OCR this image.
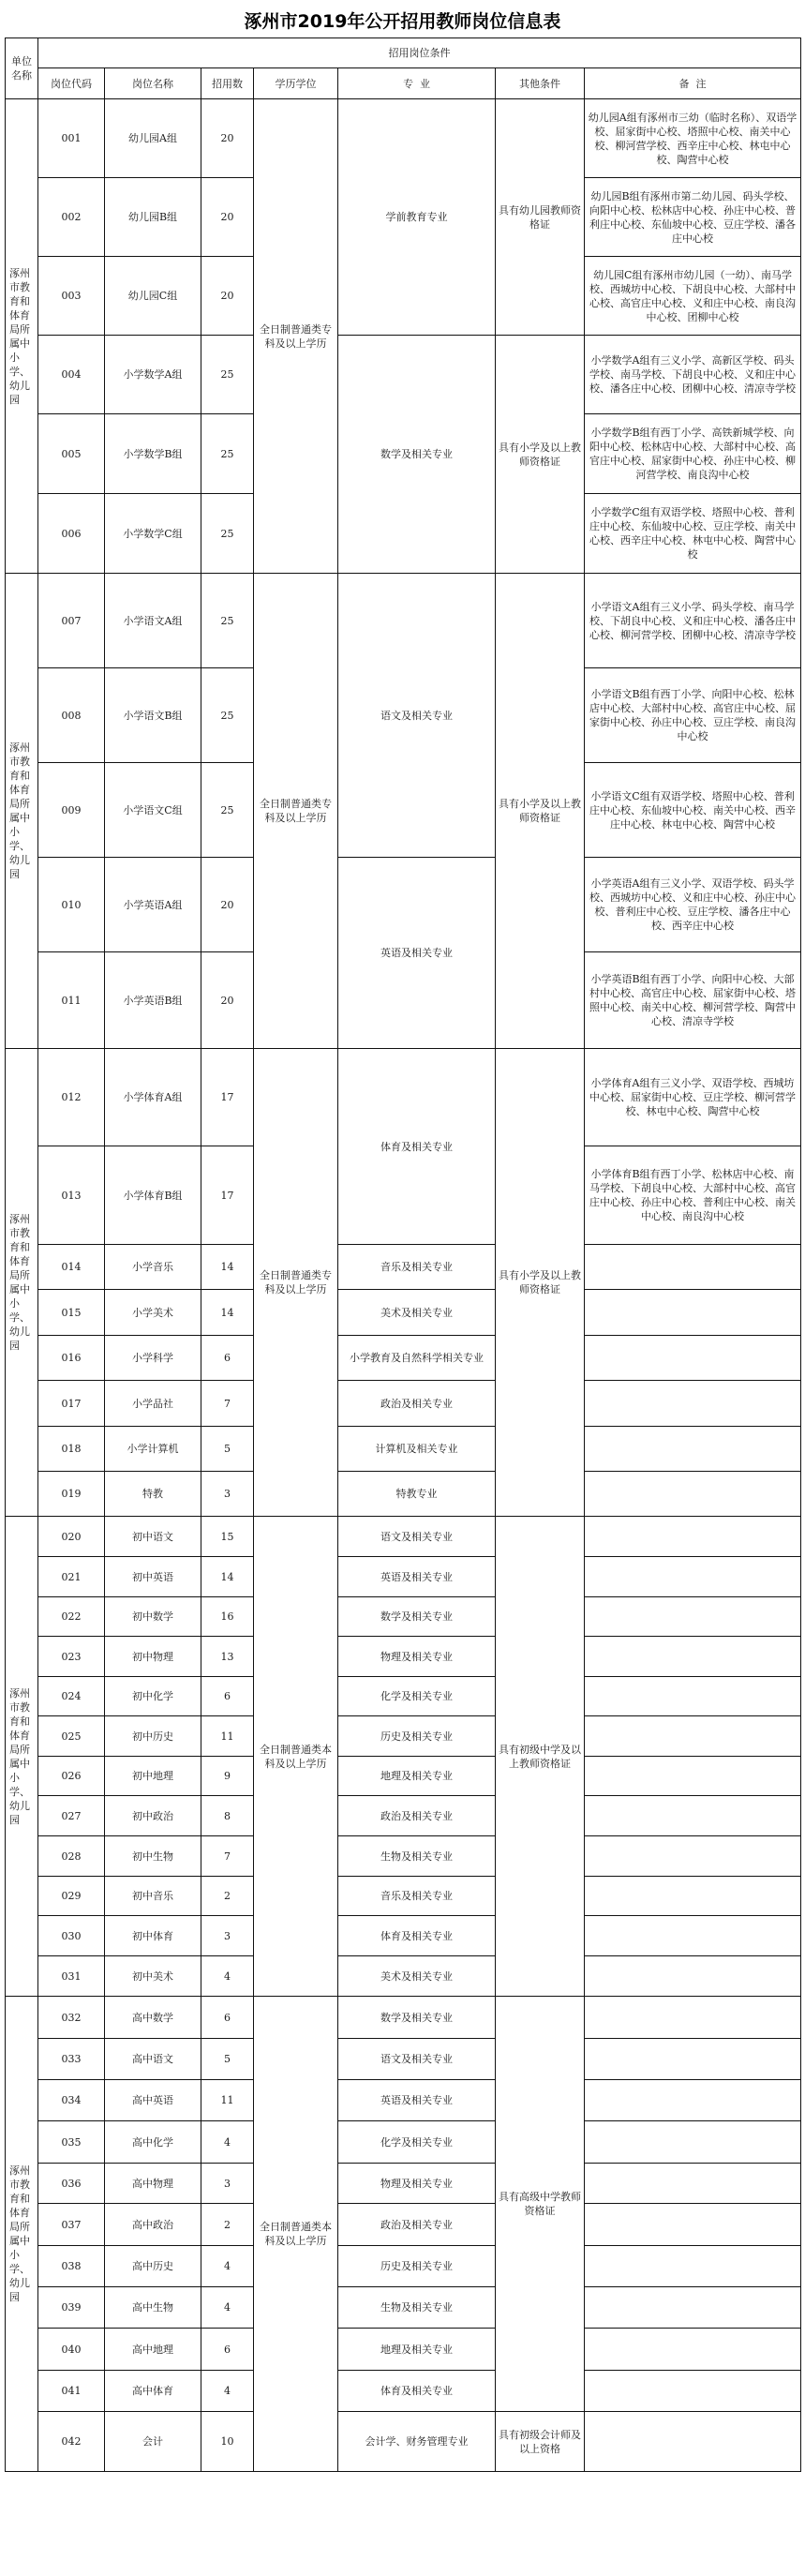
涿州市2019年公开招用教师岗位信息表
单位名称	招用岗位条件						
	岗位代码	岗位名称	招用数	学历学位	专  业	其他条件	备  注
涿州市教育和体育局所属中小学、幼儿园	001	幼儿园A组	20	全日制普通类专科及以上学历	学前教育专业	具有幼儿园教师资格证	幼儿园A组有涿州市三幼（临时名称）、双语学校、屈家街中心校、塔照中心校、南关中心校、柳河营学校、西辛庄中心校、林屯中心校、陶营中心校
	002	幼儿园B组	20				幼儿园B组有涿州市第二幼儿园、码头学校、向阳中心校、松林店中心校、孙庄中心校、普利庄中心校、东仙坡中心校、豆庄学校、潘各庄中心校
	003	幼儿园C组	20				幼儿园C组有涿州市幼儿园（一幼）、南马学校、西城坊中心校、下胡良中心校、大部村中心校、高官庄中心校、义和庄中心校、南良沟中心校、团柳中心校
	004	小学数学A组	25		数学及相关专业	具有小学及以上教师资格证	小学数学A组有三义小学、高新区学校、码头学校、南马学校、下胡良中心校、义和庄中心校、潘各庄中心校、团柳中心校、清凉寺学校
	005	小学数学B组	25				小学数学B组有西丁小学、高铁新城学校、向阳中心校、松林店中心校、大部村中心校、高官庄中心校、屈家街中心校、孙庄中心校、柳河营学校、南良沟中心校
	006	小学数学C组	25				小学数学C组有双语学校、塔照中心校、普利庄中心校、东仙坡中心校、豆庄学校、南关中心校、西辛庄中心校、林屯中心校、陶营中心校
涿州市教育和体育局所属中小学、幼儿园	007	小学语文A组	25	全日制普通类专科及以上学历	语文及相关专业	具有小学及以上教师资格证	小学语文A组有三义小学、码头学校、南马学校、下胡良中心校、义和庄中心校、潘各庄中心校、柳河营学校、团柳中心校、清凉寺学校
	008	小学语文B组	25				小学语文B组有西丁小学、向阳中心校、松林店中心校、大部村中心校、高官庄中心校、屈家街中心校、孙庄中心校、豆庄学校、南良沟中心校
	009	小学语文C组	25				小学语文C组有双语学校、塔照中心校、普利庄中心校、东仙坡中心校、南关中心校、西辛庄中心校、林屯中心校、陶营中心校
	010	小学英语A组	20		英语及相关专业		小学英语A组有三义小学、双语学校、码头学校、西城坊中心校、义和庄中心校、孙庄中心校、普利庄中心校、豆庄学校、潘各庄中心校、西辛庄中心校
	011	小学英语B组	20				小学英语B组有西丁小学、向阳中心校、大部村中心校、高官庄中心校、屈家街中心校、塔照中心校、南关中心校、柳河营学校、陶营中心校、清凉寺学校
涿州市教育和体育局所属中小学、幼儿园	012	小学体育A组	17	全日制普通类专科及以上学历	体育及相关专业	具有小学及以上教师资格证	小学体育A组有三义小学、双语学校、西城坊中心校、屈家街中心校、豆庄学校、柳河营学校、林屯中心校、陶营中心校
	013	小学体育B组	17				小学体育B组有西丁小学、松林店中心校、南马学校、下胡良中心校、大部村中心校、高官庄中心校、孙庄中心校、普利庄中心校、南关中心校、南良沟中心校
	014	小学音乐	14		音乐及相关专业		
	015	小学美术	14		美术及相关专业		
	016	小学科学	6		小学教育及自然科学相关专业		
	017	小学品社	7		政治及相关专业		
	018	小学计算机	5		计算机及相关专业		
	019	特教	3		特教专业		
涿州市教育和体育局所属中小学、幼儿园	020	初中语文	15	全日制普通类本科及以上学历	语文及相关专业	具有初级中学及以上教师资格证	
	021	初中英语	14		英语及相关专业		
	022	初中数学	16		数学及相关专业		
	023	初中物理	13		物理及相关专业		
	024	初中化学	6		化学及相关专业		
	025	初中历史	11		历史及相关专业		
	026	初中地理	9		地理及相关专业		
	027	初中政治	8		政治及相关专业		
	028	初中生物	7		生物及相关专业		
	029	初中音乐	2		音乐及相关专业		
	030	初中体育	3		体育及相关专业		
	031	初中美术	4		美术及相关专业		
涿州市教育和体育局所属中小学、幼儿园	032	高中数学	6	全日制普通类本科及以上学历	数学及相关专业	具有高级中学教师资格证	
	033	高中语文	5		语文及相关专业		
	034	高中英语	11		英语及相关专业		
	035	高中化学	4		化学及相关专业		
	036	高中物理	3		物理及相关专业		
	037	高中政治	2		政治及相关专业		
	038	高中历史	4		历史及相关专业		
	039	高中生物	4		生物及相关专业		
	040	高中地理	6		地理及相关专业		
	041	高中体育	4		体育及相关专业		
	042	会计	10		会计学、财务管理专业	具有初级会计师及以上资格	
